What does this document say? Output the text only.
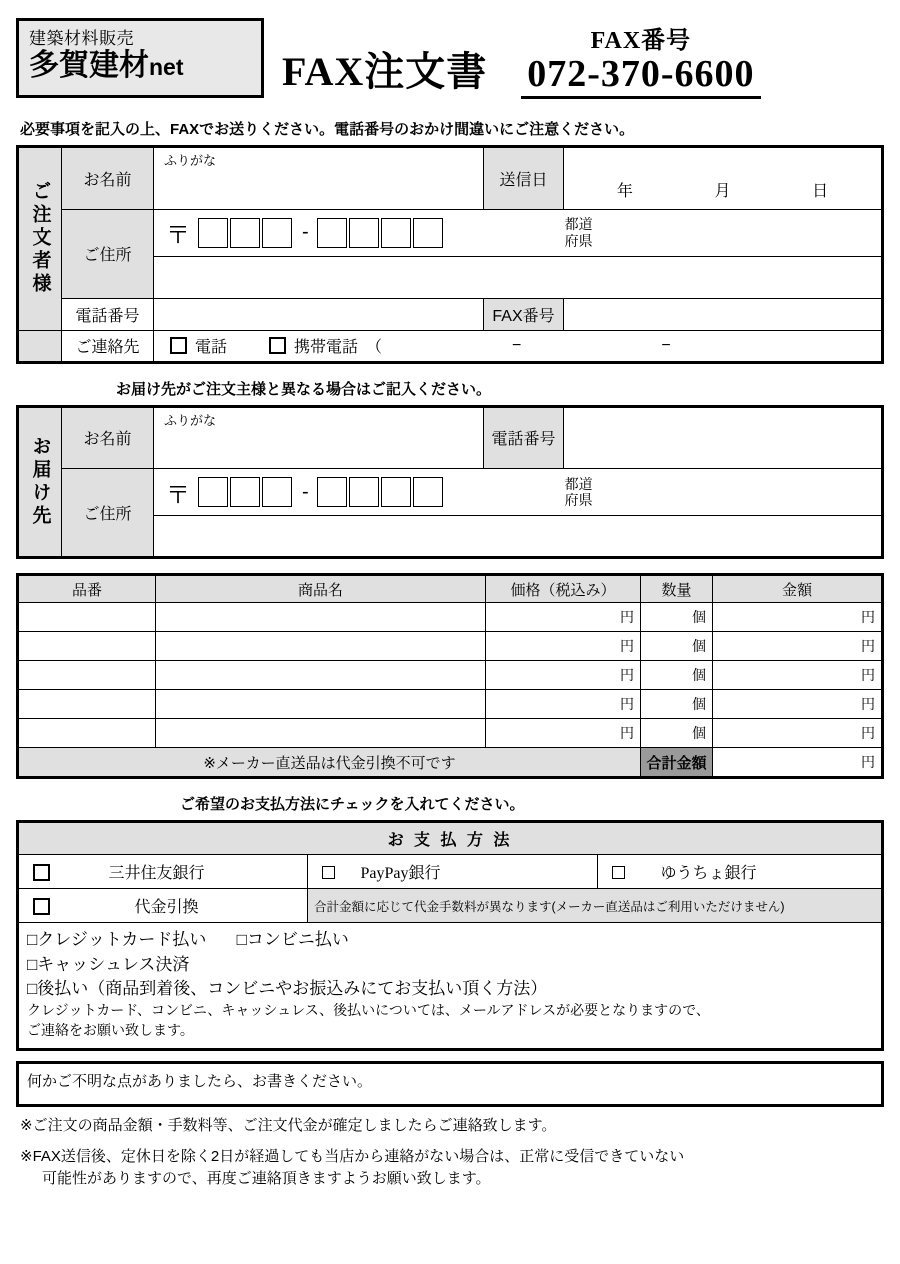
建築材料販売
多賀建材net	FAX注文書
FAX番号
072-370-6600
必要事項を記入の上、FAXでお送りください。電話番号のおかけ間違いにご注意ください。
ご注文者様	お名前	ふりがな	送信日	年 月 日

	ご住所	〒 - 都道
府県		

	電話番号		FAX番号	
	ご連絡先	電話 携帯電話　（ − −		
お届け先がご注文主様と異なる場合はご記入ください。
お届け先	お名前	ふりがな	電話番号	

	ご住所	〒 - 都道
府県		

品番	商品名	価格（税込み）	数量	金額
		円	個	円
		円	個	円
		円	個	円
		円	個	円
		円	個	円
※メーカー直送品は代金引換不可です			合計金額	円
ご希望のお支払方法にチェックを入れてください。
お 支 払 方 法		
三井住友銀行	PayPay銀行	ゆうちょ銀行
代金引換	合計金額に応じて代金手数料が異なります(メーカー直送品はご利用いただけません)	
□クレジットカード払い □コンビニ払い
□キャッシュレス決済
□後払い（商品到着後、コンビニやお振込みにてお支払い頂く方法）
クレジットカード、コンビニ、キャッシュレス、後払いについては、メールアドレスが必要となりますので、
ご連絡をお願い致します。
何かご不明な点がありましたら、お書きください。
※ご注文の商品金額・手数料等、ご注文代金が確定しましたらご連絡致します。
※FAX送信後、定休日を除く2日が経過しても当店から連絡がない場合は、正常に受信できていない
可能性がありますので、再度ご連絡頂きますようお願い致します。
